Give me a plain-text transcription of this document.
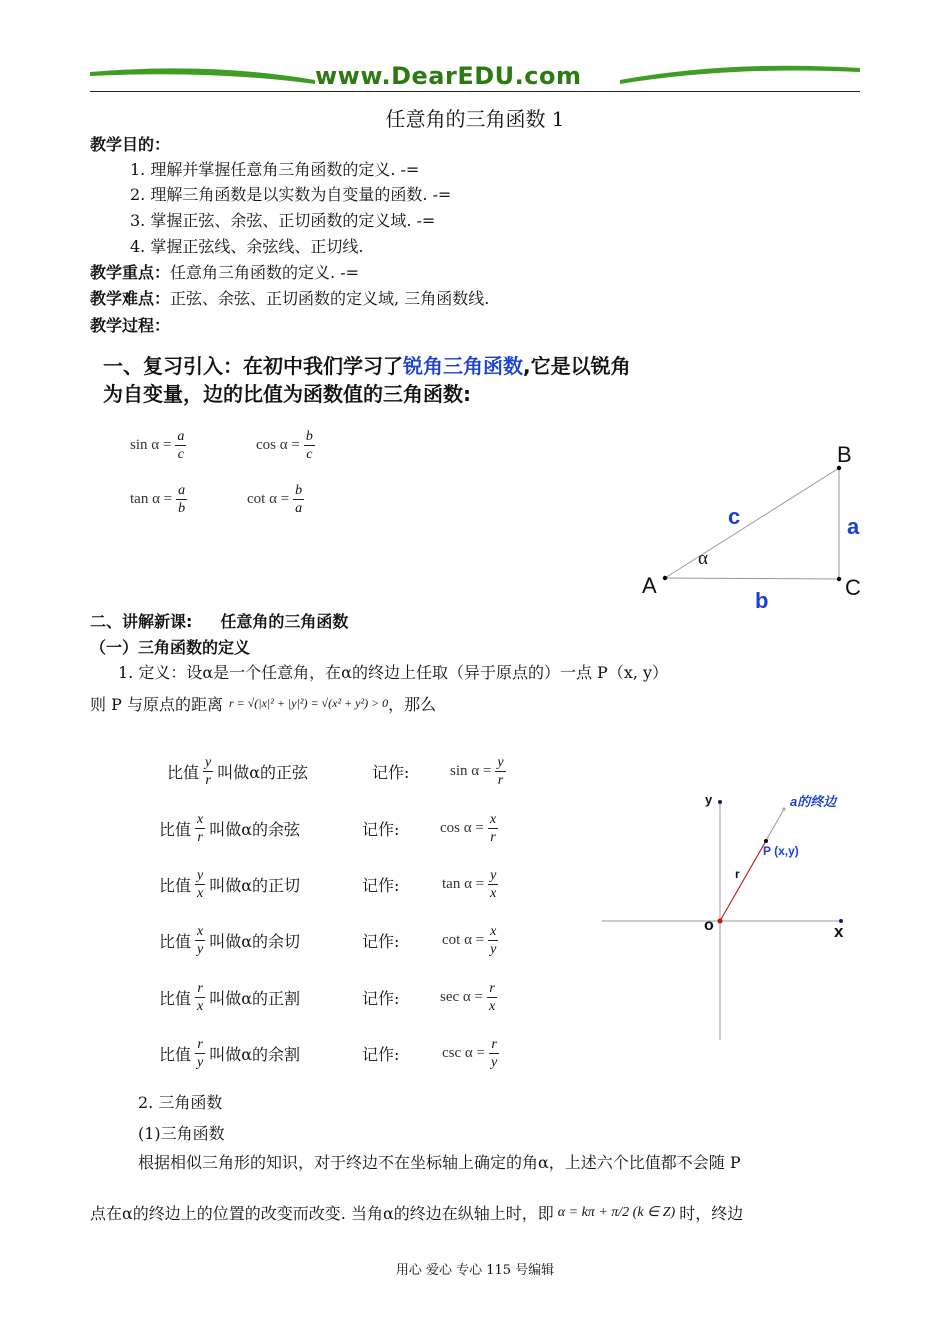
www.DearEDU.com
任意角的三角函数 1
教学目的：
1. 理解并掌握任意角三角函数的定义. -=
2. 理解三角函数是以实数为自变量的函数. -=
3. 掌握正弦、余弦、正切函数的定义域. -=
4. 掌握正弦线、余弦线、正切线.
教学重点：任意角三角函数的定义. -=
教学难点：正弦、余弦、正切函数的定义域, 三角函数线.
教学过程：
一、复习引入：在初中我们学习了锐角三角函数,它是以锐角
为自变量，边的比值为函数值的三角函数:
$\sin \alpha = \frac{a}{c}$	$\cos \alpha = \frac{b}{c}$
$\tan \alpha = \frac{a}{b}$	$\cot \alpha = \frac{b}{a}$
A
B
C
a
b
c
α
二、讲解新课: 任意角的三角函数
（一）三角函数的定义
1. 定义：设α是一个任意角，在α的终边上任取（异于原点的）一点 P（x, y）
则 P 与原点的距离 r = √(|x|² + |y|²) = √(x² + y²) > 0 ，那么
比值 $\frac{y}{r}$ 叫做α的正弦	记作:	$\sin \alpha = \frac{y}{r}$
比值 $\frac{x}{r}$ 叫做α的余弦	记作:	$\cos \alpha = \frac{x}{r}$
比值 $\frac{y}{x}$ 叫做α的正切	记作:	$\tan \alpha = \frac{y}{x}$
比值 $\frac{x}{y}$ 叫做α的余切	记作:	$\cot \alpha = \frac{x}{y}$
比值 $\frac{r}{x}$ 叫做α的正割	记作:	$\sec \alpha = \frac{r}{x}$
比值 $\frac{r}{y}$ 叫做α的余割	记作:	$\csc \alpha = \frac{r}{y}$
y
x
o
r
P (x,y)
a的终边
2. 三角函数
(1)三角函数
根据相似三角形的知识，对于终边不在坐标轴上确定的角α，上述六个比值都不会随 P
点在α的终边上的位置的改变而改变. 当角α的终边在纵轴上时，即 α = kπ + π/2 (k ∈ Z) 时，终边
用心 爱心 专心 115 号编辑
